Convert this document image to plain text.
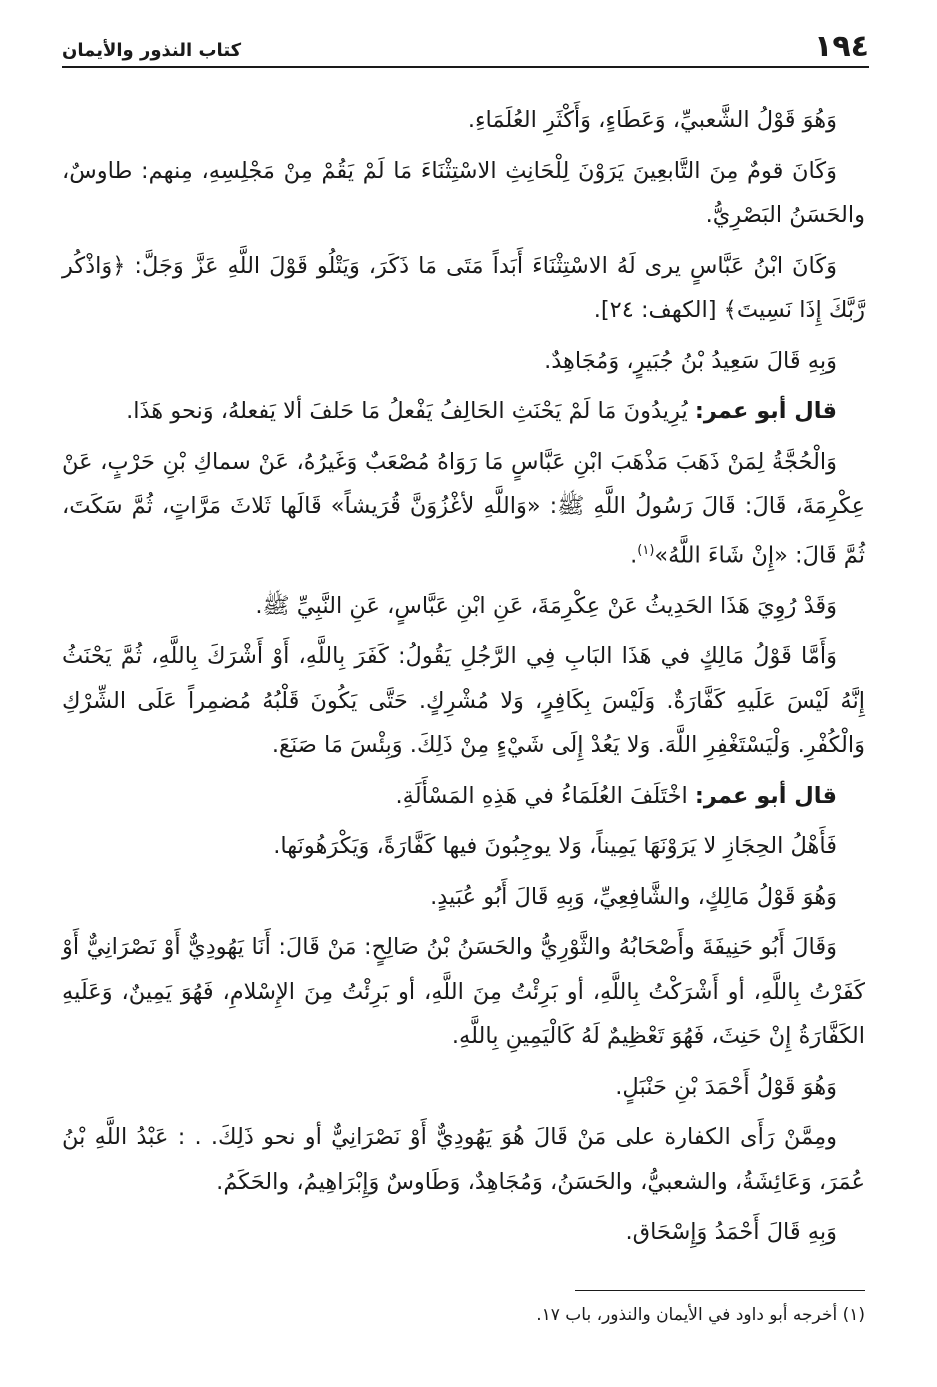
١٩٤
كتاب النذور والأيمان

وَهُوَ قَوْلُ الشَّعبيِّ، وَعَطَاءٍ، وَأَكْثَرِ العُلَمَاءِ.

وَكَانَ قومٌ مِنَ التَّابعِينَ يَرَوْنَ لِلْحَانِثِ الاسْتِثْنَاءَ مَا لَمْ يَقُمْ مِنْ مَجْلِسِهِ، مِنهم: طاوسٌ، والحَسَنُ البَصْرِيُّ.

وَكَانَ ابْنُ عَبَّاسٍ يرى لَهُ الاسْتِثْنَاءَ أَبَداً مَتَى مَا ذَكَرَ، وَيَتْلُو قَوْلَ اللَّهِ عَزَّ وَجَلَّ: ﴿وَاذْكُر رَّبَّكَ إِذَا نَسِيتَ﴾ [الكهف: ٢٤].

وَبِهِ قَالَ سَعِيدُ بْنُ جُبَيرٍ، وَمُجَاهِدٌ.

قال أبو عمر: يُرِيدُونَ مَا لَمْ يَحْنَثِ الحَالِفُ يَفْعلُ مَا حَلفَ ألا يَفعلهُ، وَنحو هَذَا.

وَالْحُجَّةُ لِمَنْ ذَهَبَ مَذْهَبَ ابْنِ عَبَّاسٍ مَا رَوَاهُ مُصْعَبٌ وَغَيرُهُ، عَنْ سماكِ بْنِ حَرْبٍ، عَنْ عِكْرِمَةَ، قَالَ: قَالَ رَسُولُ اللَّهِ ﷺ: «وَاللَّهِ لأغْزُوَنَّ قُرَيشاً» قَالَها ثَلاثَ مَرَّاتٍ، ثُمَّ سَكَتَ، ثُمَّ قَالَ: «إِنْ شَاءَ اللَّهُ»$^{(١)}$.

وَقَدْ رُوِيَ هَذَا الحَدِيثُ عَنْ عِكْرِمَةَ، عَنِ ابْنِ عَبَّاسٍ، عَنِ النَّبِيِّ ﷺ.

وَأَمَّا قَوْلُ مَالِكٍ في هَذَا البَابِ فِي الرَّجُلِ يَقُولُ: كَفَرَ بِاللَّهِ، أَوْ أَشْرَكَ بِاللَّهِ، ثُمَّ يَحْنَثُ إِنَّهُ لَيْسَ عَلَيهِ كَفَّارَةٌ. وَلَيْسَ بِكَافِرٍ، وَلا مُشْرِكٍ. حَتَّى يَكُونَ قَلْبُهُ مُضمِراً عَلَى الشِّرْكِ وَالْكُفْرِ. وَلْيَسْتَغْفِرِ اللَّهَ. وَلا يَعُدْ إِلَى شَيْءٍ مِنْ ذَلِكَ. وَبِئْسَ مَا صَنَعَ.

قال أبو عمر: اخْتَلَفَ العُلَمَاءُ في هَذِهِ المَسْأَلَةِ.

فَأَهْلُ الحِجَازِ لا يَرَوْنَهَا يَمِيناً، وَلا يوجِبُونَ فيها كَفَّارَةً، وَيَكْرَهُونَها.

وَهُوَ قَوْلُ مَالِكٍ، والشَّافِعِيِّ، وَبِهِ قَالَ أَبُو عُبَيدٍ.

وَقَالَ أَبُو حَنِيفَةَ وأَصْحَابُهُ والثَّوْرِيُّ والحَسَنُ بْنُ صَالِحٍ: مَنْ قَالَ: أَنَا يَهُودِيٌّ أَوْ نَصْرَانِيٌّ أَوْ كَفَرْتُ بِاللَّهِ، أو أَشْرَكْتُ بِاللَّهِ، أو بَرِئْتُ مِنَ اللَّهِ، أو بَرِئْتُ مِنَ الإِسْلامِ، فَهُوَ يَمِينٌ، وَعَلَيهِ الكَفَّارَةُ إِنْ حَنِثَ، فَهُوَ تَعْظِيمٌ لَهُ كَالْيَمِينِ بِاللَّهِ.

وَهُوَ قَوْلُ أَحْمَدَ بْنِ حَنْبَلٍ.

ومِمَّنْ رَأَى الكفارة على مَنْ قَالَ هُوَ يَهُودِيٌّ أَوْ نَصْرَانِيٌّ أو نحو ذَلِكَ. . : عَبْدُ اللَّهِ بْنُ عُمَرَ، وَعَائِشَةُ، والشعبيُّ، والحَسَنُ، وَمُجَاهِدٌ، وَطَاوسٌ وَإِبْرَاهِيمُ، والحَكَمُ.

وَبِهِ قَالَ أَحْمَدُ وَإِسْحَاق.

(١) أخرجه أبو داود في الأيمان والنذور، باب ١٧.
